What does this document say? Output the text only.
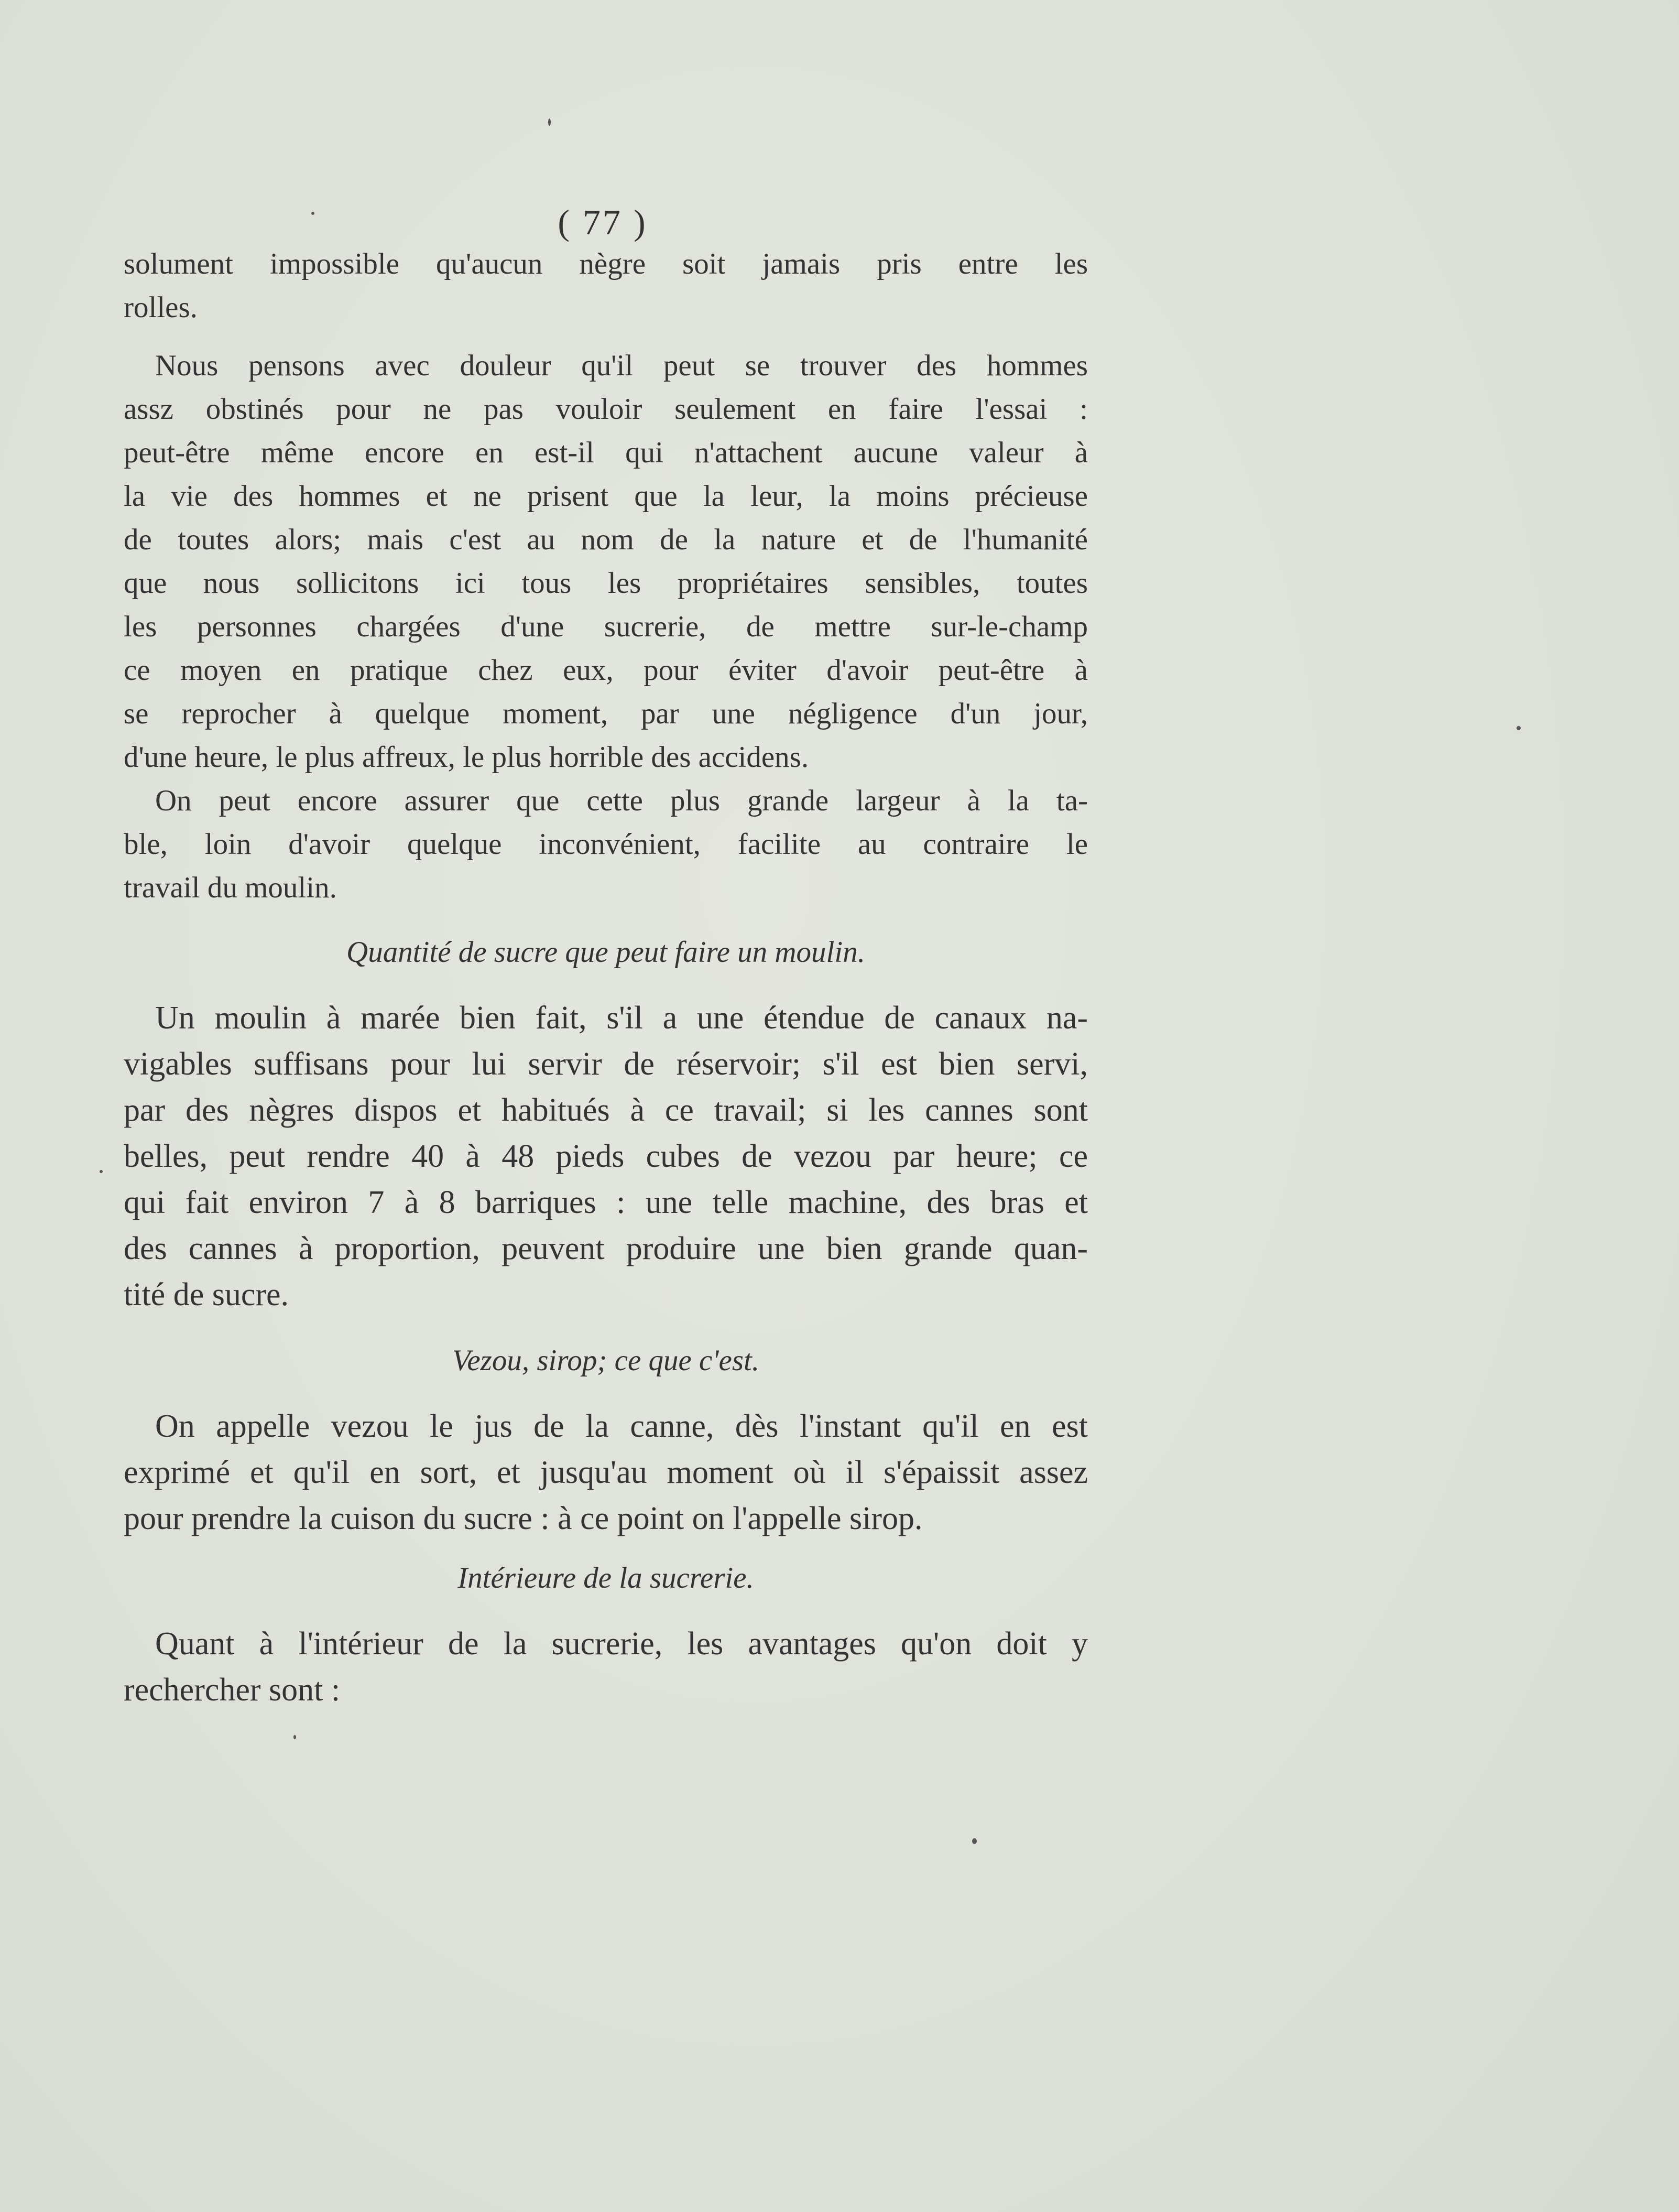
( 77 )
solument impossible qu'aucun nègre soit jamais pris entre les
rolles.
Nous pensons avec douleur qu'il peut se trouver des hommes
assz obstinés pour ne pas vouloir seulement en faire l'essai :
peut-être même encore en est-il qui n'attachent aucune valeur à
la vie des hommes et ne prisent que la leur, la moins précieuse
de toutes alors; mais c'est au nom de la nature et de l'humanité
que nous sollicitons ici tous les propriétaires sensibles, toutes
les personnes chargées d'une sucrerie, de mettre sur-le-champ
ce moyen en pratique chez eux, pour éviter d'avoir peut-être à
se reprocher à quelque moment, par une négligence d'un jour,
d'une heure, le plus affreux, le plus horrible des accidens.
On peut encore assurer que cette plus grande largeur à la ta-
ble, loin d'avoir quelque inconvénient, facilite au contraire le
travail du moulin.
Quantité de sucre que peut faire un moulin.
Un moulin à marée bien fait, s'il a une étendue de canaux na-
vigables suffisans pour lui servir de réservoir; s'il est bien servi,
par des nègres dispos et habitués à ce travail; si les cannes sont
belles, peut rendre 40 à 48 pieds cubes de vezou par heure; ce
qui fait environ 7 à 8 barriques : une telle machine, des bras et
des cannes à proportion, peuvent produire une bien grande quan-
tité de sucre.
Vezou, sirop; ce que c'est.
On appelle vezou le jus de la canne, dès l'instant qu'il en est
exprimé et qu'il en sort, et jusqu'au moment où il s'épaissit assez
pour prendre la cuison du sucre : à ce point on l'appelle sirop.
Intérieure de la sucrerie.
Quant à l'intérieur de la sucrerie, les avantages qu'on doit y
rechercher sont :
